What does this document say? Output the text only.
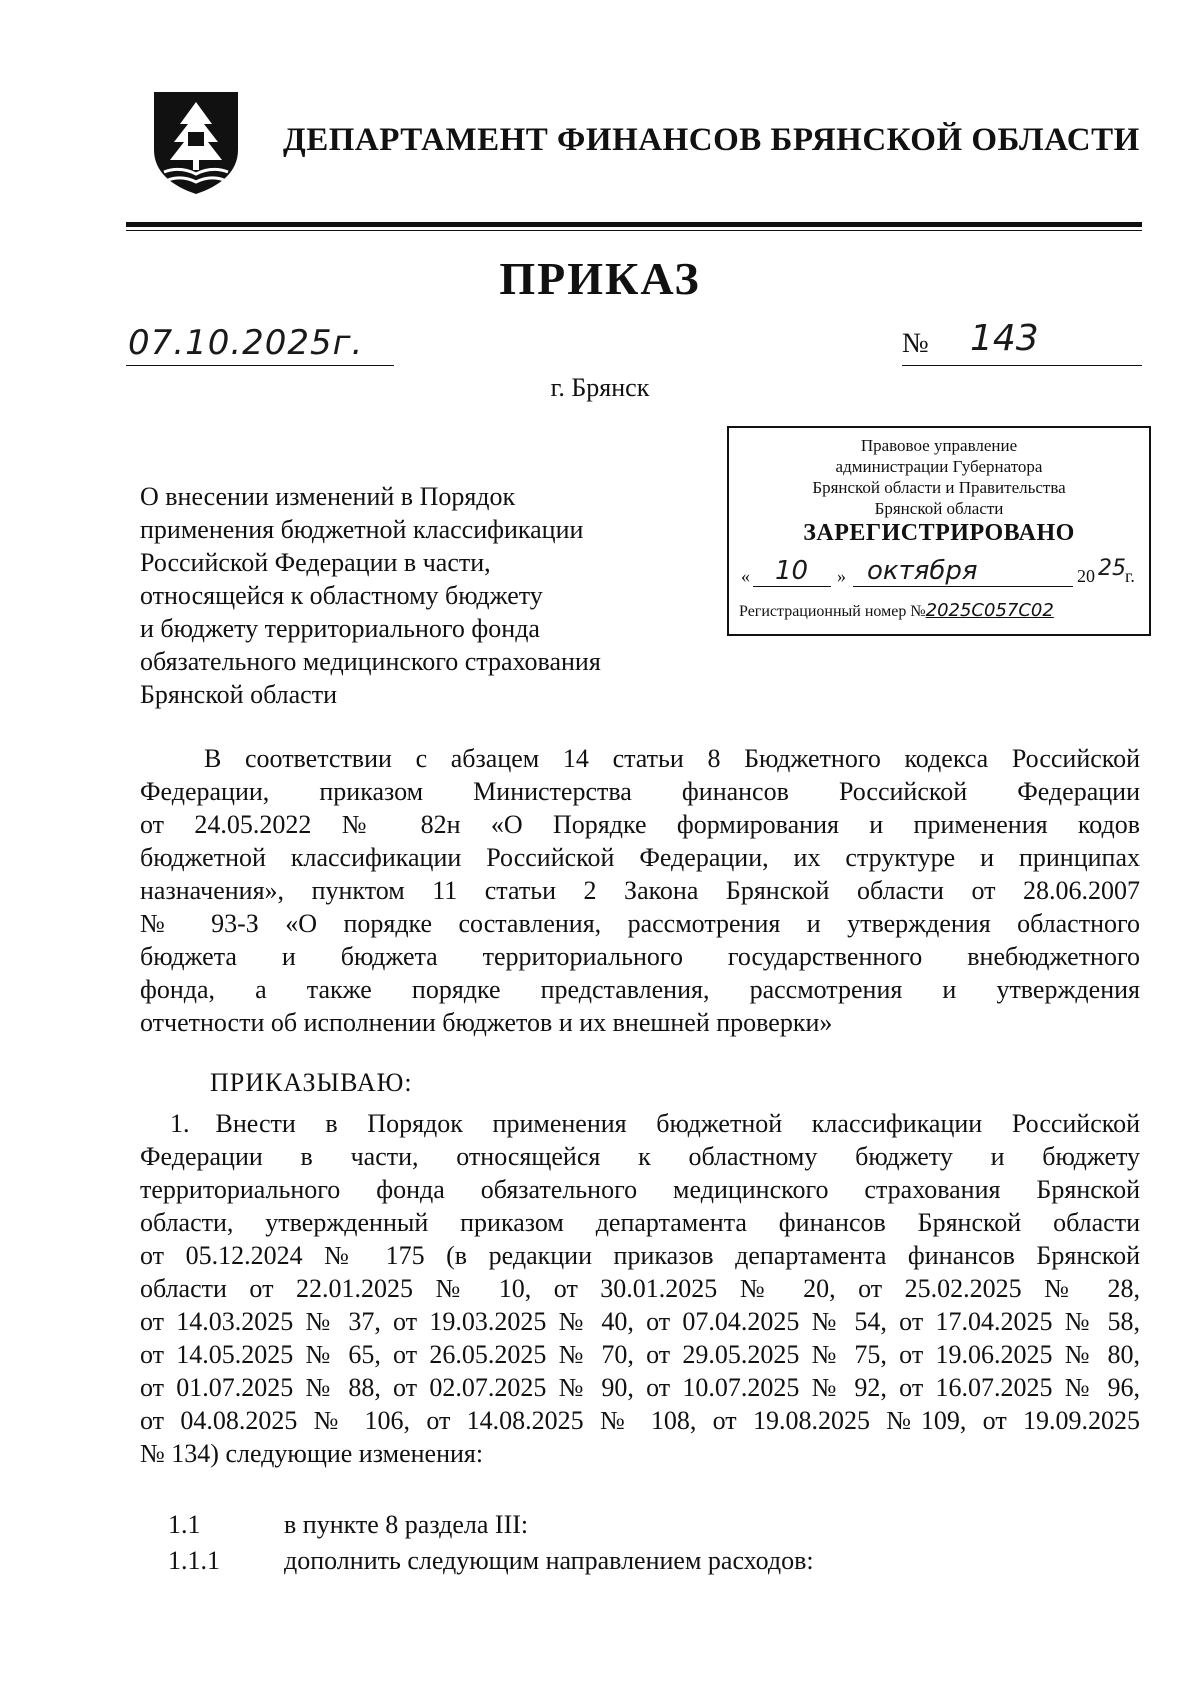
ДЕПАРТАМЕНТ ФИНАНСОВ БРЯНСКОЙ ОБЛАСТИ
ПРИКАЗ
07.10.2025г.	№ 143
г. Брянск
Правовое управление
администрации Губернатора
Брянской области и Правительства
Брянской области
ЗАРЕГИСТРИРОВАНО
« 10 » октября	20 25 г.
Регистрационный номер №2025C057C02
О внесении изменений в Порядок
применения бюджетной классификации
Российской Федерации в части,
относящейся к областному бюджету
и бюджету территориального фонда
обязательного медицинского страхования
Брянской области
В соответствии с абзацем 14 статьи 8 Бюджетного кодекса Российской
Федерации, приказом Министерства финансов Российской Федерации
от 24.05.2022 № 82н «О Порядке формирования и применения кодов
бюджетной классификации Российской Федерации, их структуре и принципах
назначения», пунктом 11 статьи 2 Закона Брянской области от 28.06.2007
№ 93-З «О порядке составления, рассмотрения и утверждения областного
бюджета и бюджета территориального государственного внебюджетного
фонда, а также порядке представления, рассмотрения и утверждения
отчетности об исполнении бюджетов и их внешней проверки»
ПРИКАЗЫВАЮ:
1. Внести в Порядок применения бюджетной классификации Российской
Федерации в части, относящейся к областному бюджету и бюджету
территориального фонда обязательного медицинского страхования Брянской
области, утвержденный приказом департамента финансов Брянской области
от 05.12.2024 № 175 (в редакции приказов департамента финансов Брянской
области от 22.01.2025 № 10, от 30.01.2025 № 20, от 25.02.2025 № 28,
от 14.03.2025 № 37, от 19.03.2025 № 40, от 07.04.2025 № 54, от 17.04.2025 № 58,
от 14.05.2025 № 65, от 26.05.2025 № 70, от 29.05.2025 № 75, от 19.06.2025 № 80,
от 01.07.2025 № 88, от 02.07.2025 № 90, от 10.07.2025 № 92, от 16.07.2025 № 96,
от 04.08.2025 № 106, от 14.08.2025 № 108, от 19.08.2025 №109, от 19.09.2025
№ 134) следующие изменения:
1.1	в пункте 8 раздела III:
1.1.1 дополнить следующим направлением расходов:
